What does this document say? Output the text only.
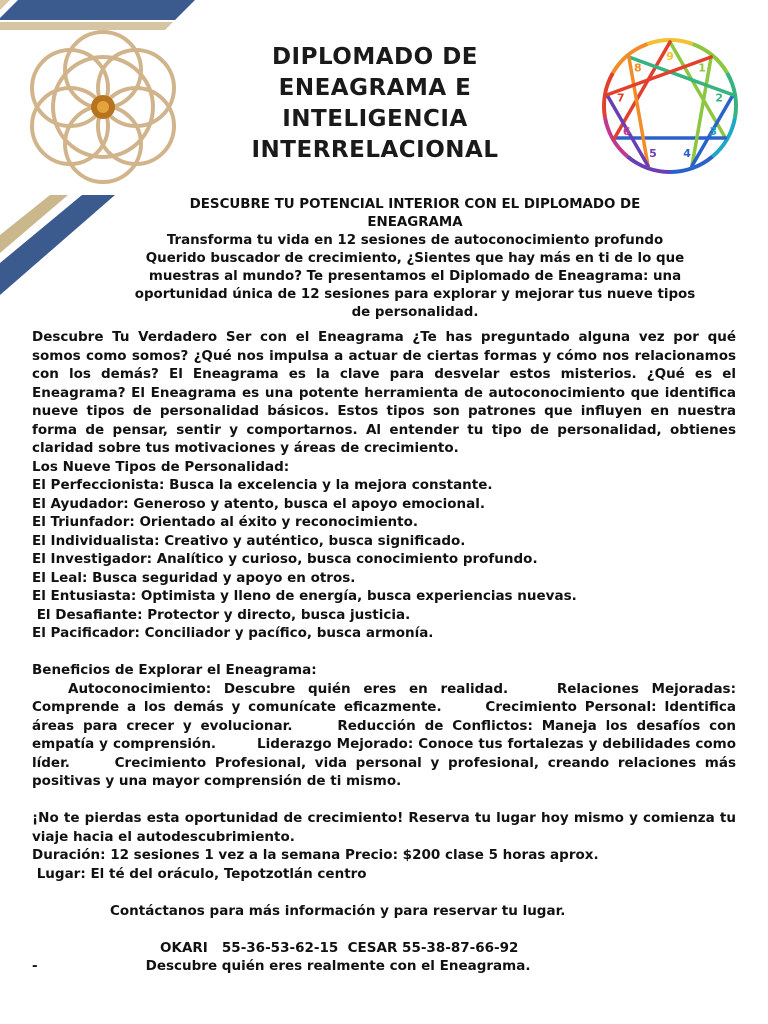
9
1
2
3
4
5
6
7
8
DIPLOMADO DE
ENEAGRAMA E
INTELIGENCIA
INTERRELACIONAL
DESCUBRE TU POTENCIAL INTERIOR CON EL DIPLOMADO DE
ENEAGRAMA
Transforma tu vida en 12 sesiones de autoconocimiento profundo
Querido buscador de crecimiento, ¿Sientes que hay más en ti de lo que
muestras al mundo? Te presentamos el Diplomado de Eneagrama: una
oportunidad única de 12 sesiones para explorar y mejorar tus nueve tipos
de personalidad.

Descubre Tu Verdadero Ser con el Eneagrama ¿Te has preguntado alguna vez por qué somos como somos? ¿Qué nos impulsa a actuar de ciertas formas y cómo nos relacionamos con los demás? El Eneagrama es la clave para desvelar estos misterios. ¿Qué es el Eneagrama? El Eneagrama es una potente herramienta de autoconocimiento que identifica nueve tipos de personalidad básicos. Estos tipos son patrones que influyen en nuestra forma de pensar, sentir y comportarnos. Al entender tu tipo de personalidad, obtienes claridad sobre tus motivaciones y áreas de crecimiento.

Los Nueve Tipos de Personalidad:

El Perfeccionista: Busca la excelencia y la mejora constante.

El Ayudador: Generoso y atento, busca el apoyo emocional.

El Triunfador: Orientado al éxito y reconocimiento.

El Individualista: Creativo y auténtico, busca significado.

El Investigador: Analítico y curioso, busca conocimiento profundo.

El Leal: Busca seguridad y apoyo en otros.

El Entusiasta: Optimista y lleno de energía, busca experiencias nuevas.

El Desafiante: Protector y directo, busca justicia.

El Pacificador: Conciliador y pacífico, busca armonía.

Beneficios de Explorar el Eneagrama:

Autoconocimiento: Descubre quién eres en realidad.	Relaciones Mejoradas: Comprende a los demás y comunícate eficazmente.	Crecimiento Personal: Identifica áreas para crecer y evolucionar.	Reducción de Conflictos: Maneja los desafíos con empatía y comprensión.	Liderazgo Mejorado: Conoce tus fortalezas y debilidades como líder.	Crecimiento Profesional, vida personal y profesional, creando relaciones más positivas y una mayor comprensión de ti mismo.

¡No te pierdas esta oportunidad de crecimiento! Reserva tu lugar hoy mismo y comienza tu viaje hacia el autodescubrimiento.

Duración: 12 sesiones 1 vez a la semana Precio: $200 clase 5 horas aprox.

Lugar: El té del oráculo, Tepotzotlán centro

Contáctanos para más información y para reservar tu lugar.

OKARI   55-36-53-62-15  CESAR 55-38-87-66-92

-	Descubre quién eres realmente con el Eneagrama.
